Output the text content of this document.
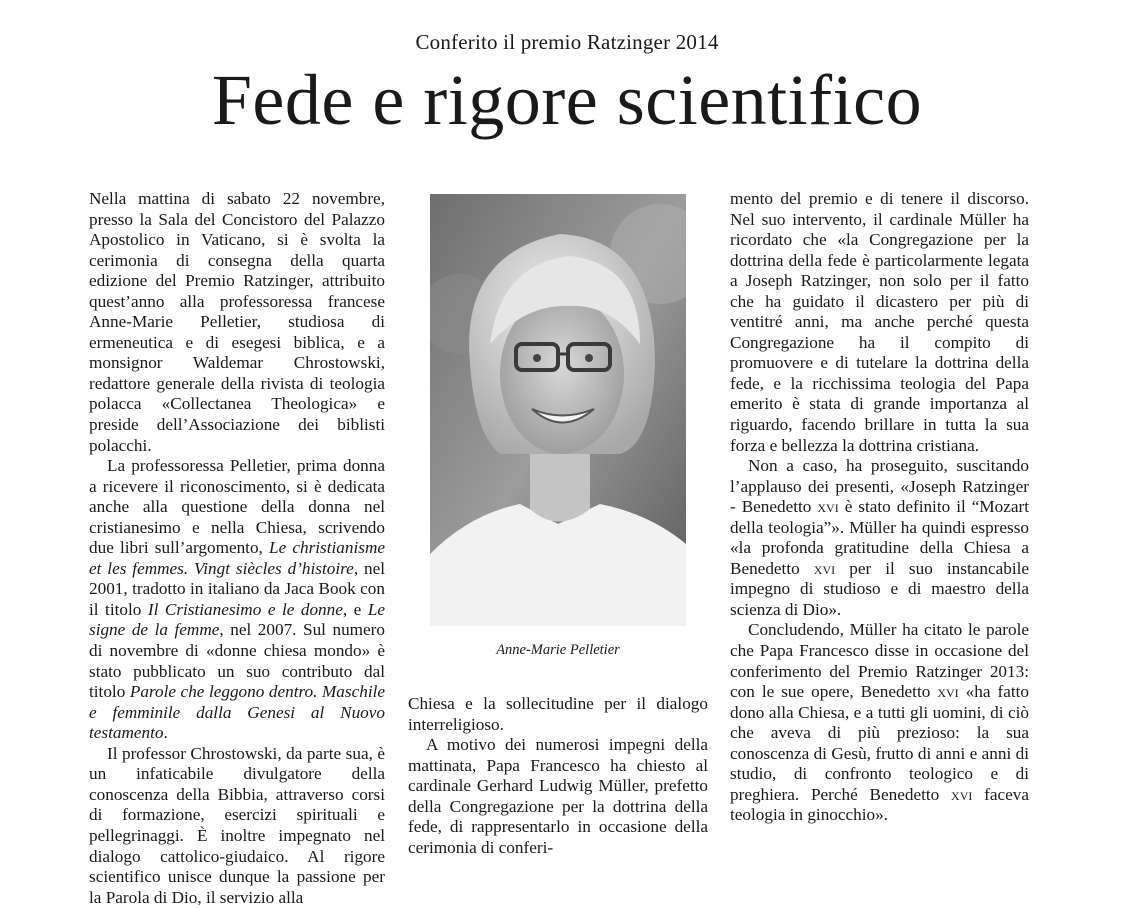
Conferito il premio Ratzinger 2014
Fede e rigore scientifico

Nella mattina di sabato 22 novembre, presso la Sala del Concistoro del Palazzo Apostolico in Vaticano, si è svolta la cerimonia di consegna della quarta edizione del Premio Ratzinger, attribuito quest’anno alla professoressa francese Anne-Marie Pelletier, studiosa di ermeneutica e di esegesi biblica, e a monsignor Waldemar Chrostowski, redattore generale della rivista di teologia polacca «Collectanea Theologica» e preside dell’Associazione dei biblisti polacchi.

La professoressa Pelletier, prima donna a ricevere il riconoscimento, si è dedicata anche alla questione della donna nel cristianesimo e nella Chiesa, scrivendo due libri sull’argomento, Le christianisme et les femmes. Vingt siècles d’histoire, nel 2001, tradotto in italiano da Jaca Book con il titolo Il Cristianesimo e le donne, e Le signe de la femme, nel 2007. Sul numero di novembre di «donne chiesa mondo» è stato pubblicato un suo contributo dal titolo Parole che leggono dentro. Maschile e femminile dalla Genesi al Nuovo testamento.

Il professor Chrostowski, da parte sua, è un infaticabile divulgatore della conoscenza della Bibbia, attraverso corsi di formazione, esercizi spirituali e pellegrinaggi. È inoltre impegnato nel dialogo cattolico-giudaico. Al rigore scientifico unisce dunque la passione per la Parola di Dio, il servizio alla

Anne-Marie Pelletier

Chiesa e la sollecitudine per il dialogo interreligioso.

A motivo dei numerosi impegni della mattinata, Papa Francesco ha chiesto al cardinale Gerhard Ludwig Müller, prefetto della Congregazione per la dottrina della fede, di rappresentarlo in occasione della cerimonia di conferi-

mento del premio e di tenere il discorso. Nel suo intervento, il cardinale Müller ha ricordato che «la Congregazione per la dottrina della fede è particolarmente legata a Joseph Ratzinger, non solo per il fatto che ha guidato il dicastero per più di ventitré anni, ma anche perché questa Congregazione ha il compito di promuovere e di tutelare la dottrina della fede, e la ricchissima teologia del Papa emerito è stata di grande importanza al riguardo, facendo brillare in tutta la sua forza e bellezza la dottrina cristiana.

Non a caso, ha proseguito, suscitando l’applauso dei presenti, «Joseph Ratzinger - Benedetto xvi è stato definito il “Mozart della teologia”». Müller ha quindi espresso «la profonda gratitudine della Chiesa a Benedetto xvi per il suo instancabile impegno di studioso e di maestro della scienza di Dio».

Concludendo, Müller ha citato le parole che Papa Francesco disse in occasione del conferimento del Premio Ratzinger 2013: con le sue opere, Benedetto xvi «ha fatto dono alla Chiesa, e a tutti gli uomini, di ciò che aveva di più prezioso: la sua conoscenza di Gesù, frutto di anni e anni di studio, di confronto teologico e di preghiera. Perché Benedetto xvi faceva teologia in ginocchio».
